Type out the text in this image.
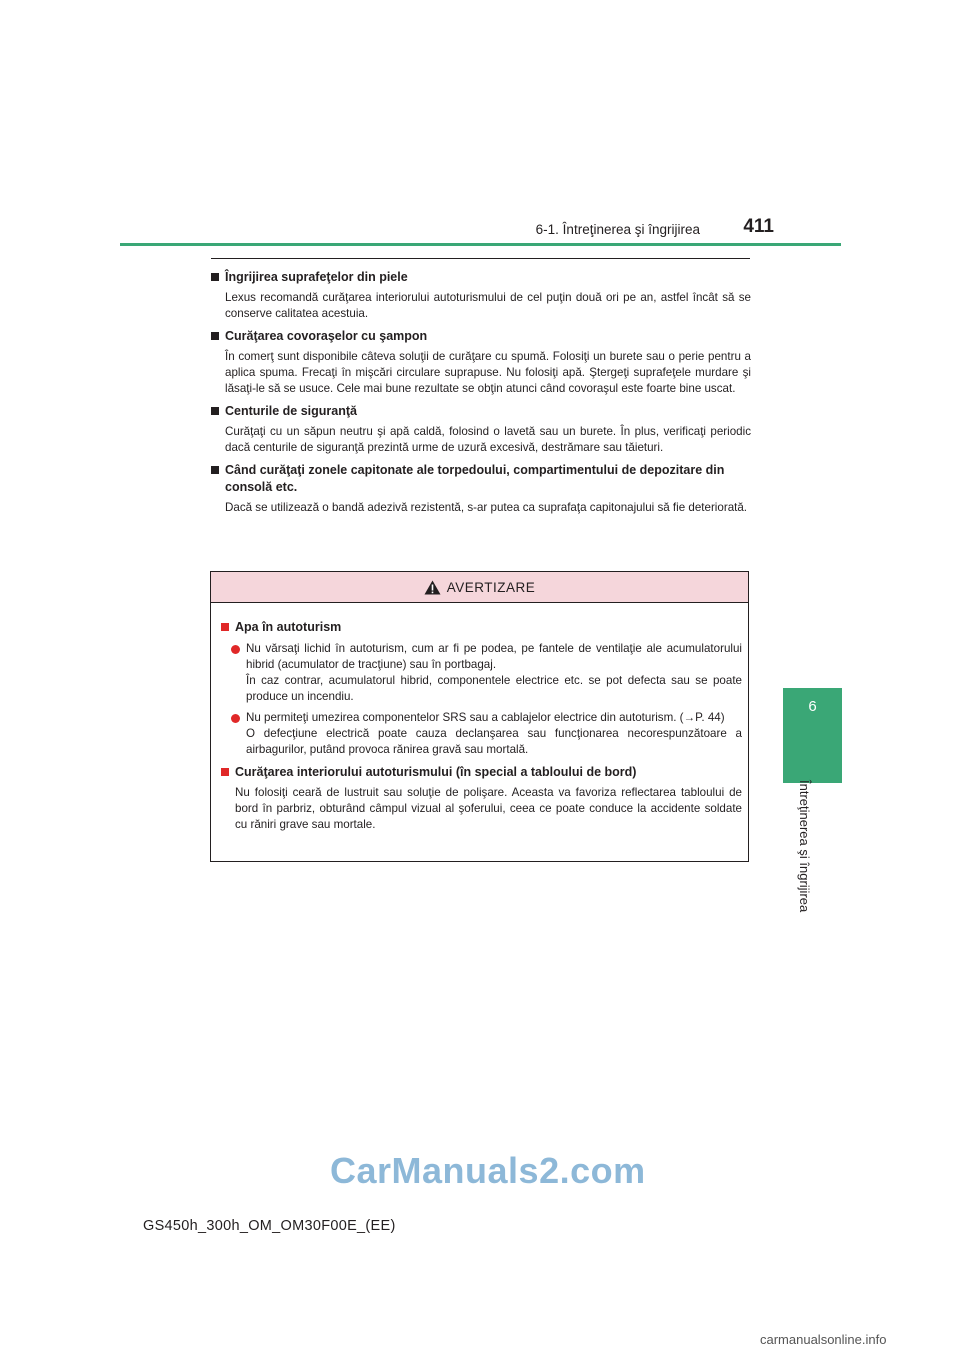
6-1. Întreţinerea şi îngrijirea	411
6
Întreţinerea şi îngrijirea
Îngrijirea suprafeţelor din piele
Lexus recomandă curăţarea interiorului autoturismului de cel puţin două ori pe an, astfel încât să se conserve calitatea acestuia.
Curăţarea covoraşelor cu şampon
În comerţ sunt disponibile câteva soluţii de curăţare cu spumă. Folosiţi un burete sau o perie pentru a aplica spuma. Frecaţi în mişcări circulare suprapuse. Nu folosiţi apă. Ştergeţi suprafeţele murdare şi lăsaţi-le să se usuce. Cele mai bune rezultate se obţin atunci când covoraşul este foarte bine uscat.
Centurile de siguranţă
Curăţaţi cu un săpun neutru şi apă caldă, folosind o lavetă sau un burete. În plus, verificaţi periodic dacă centurile de siguranţă prezintă urme de uzură excesivă, destrămare sau tăieturi.
Când curăţaţi zonele capitonate ale torpedoului, compartimentului de depozitare din consolă etc.
Dacă se utilizează o bandă adezivă rezistentă, s-ar putea ca suprafaţa capitonajului să fie deteriorată.
AVERTIZARE
Apa în autoturism
Nu vărsaţi lichid în autoturism, cum ar fi pe podea, pe fantele de ventilaţie ale acumulatorului hibrid (acumulator de tracţiune) sau în portbagaj.
În caz contrar, acumulatorul hibrid, componentele electrice etc. se pot defecta sau se poate produce un incendiu.
Nu permiteţi umezirea componentelor SRS sau a cablajelor electrice din autoturism. (→P. 44)
O defecţiune electrică poate cauza declanşarea sau funcţionarea necorespunzătoare a airbagurilor, putând provoca rănirea gravă sau mortală.
Curăţarea interiorului autoturismului (în special a tabloului de bord)
Nu folosiţi ceară de lustruit sau soluţie de polişare. Aceasta va favoriza reflectarea tabloului de bord în parbriz, obturând câmpul vizual al şoferului, ceea ce poate conduce la accidente soldate cu răniri grave sau mortale.
CarManuals2.com
GS450h_300h_OM_OM30F00E_(EE)
carmanualsonline.info
